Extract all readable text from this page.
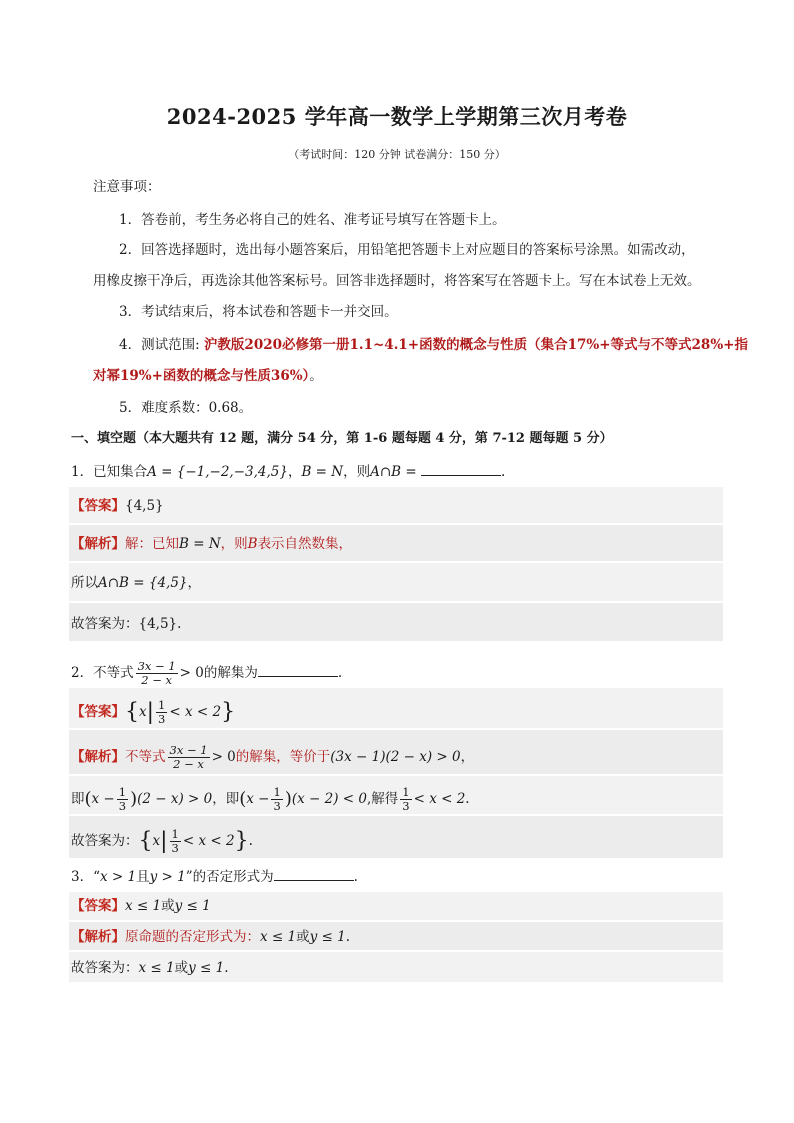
2024-2025 学年高一数学上学期第三次月考卷
（考试时间：120 分钟 试卷满分：150 分）
注意事项：
1．答卷前，考生务必将自己的姓名、准考证号填写在答题卡上。
2．回答选择题时，选出每小题答案后，用铅笔把答题卡上对应题目的答案标号涂黑。如需改动，
用橡皮擦干净后，再选涂其他答案标号。回答非选择题时，将答案写在答题卡上。写在本试卷上无效。
3．考试结束后，将本试卷和答题卡一并交回。
4．测试范围: 沪教版2020必修第一册1.1~4.1+函数的概念与性质（集合17%+等式与不等式28%+指
对幂19%+函数的概念与性质36%）。
5．难度系数：0.68。
一、填空题（本大题共有 12 题，满分 54 分，第 1-6 题每题 4 分，第 7-12 题每题 5 分）
1．已知集合A = {−1,−2,−3,4,5}，B = N，则A∩B =	.
【答案】{4,5}
【解析】解：已知B = N，则B表示自然数集，
所以A∩B = {4,5}，
故答案为：{4,5}.
2．不等式 $\frac{3x - 1}{2 - x} > 0$的解集为	.
【答案】$\{x| \frac{1}{3} < x < 2\}$
【解析】不等式 $\frac{3x - 1}{2 - x} > 0$的解集，等价于(3x − 1)(2 − x) > 0，
即$(x - \frac{1}{3} )(2 - x) > 0$，即$(x - \frac{1}{3} )(x - 2) < 0$,解得 $\frac{1}{3} < x < 2$.
故答案为：$\{x| \frac{1}{3} < x < 2\}$.
3．“x > 1且y > 1”的否定形式为	.
【答案】x ≤ 1或y ≤ 1
【解析】原命题的否定形式为：x ≤ 1或y ≤ 1.
故答案为：x ≤ 1或y ≤ 1.
